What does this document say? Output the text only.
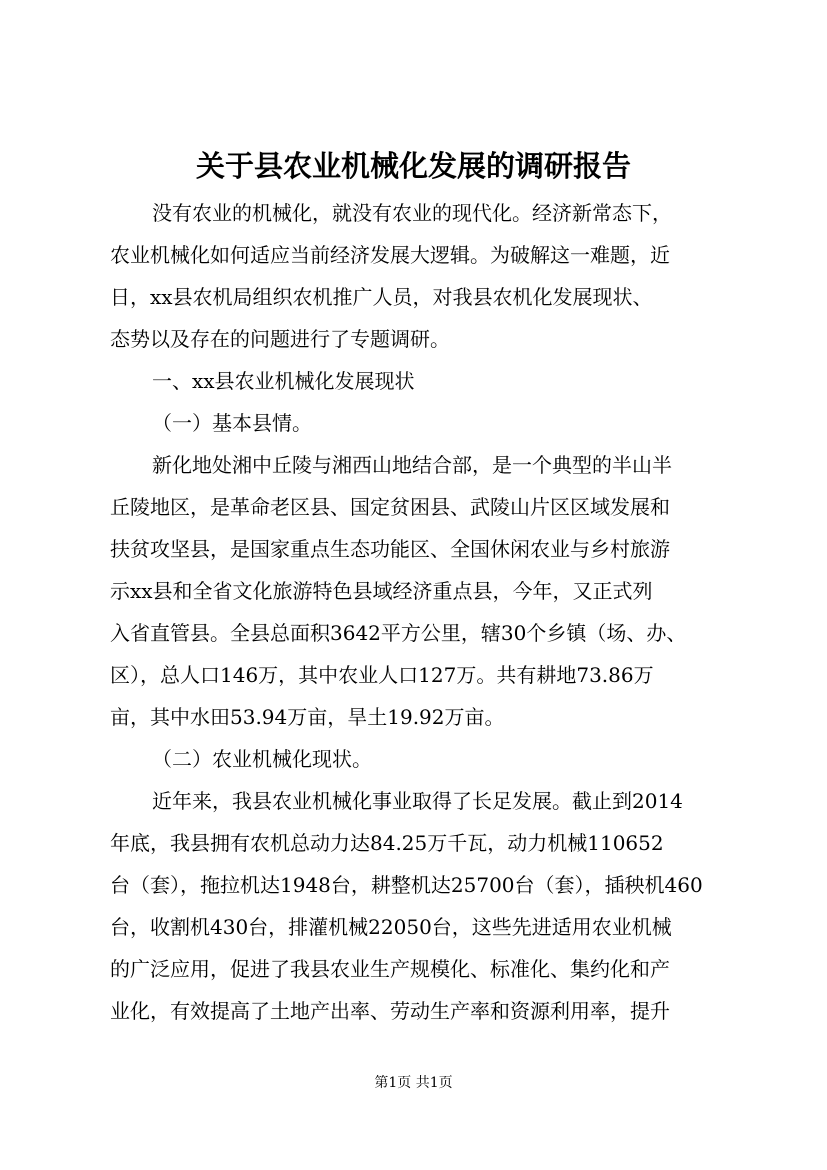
关于县农业机械化发展的调研报告
没有农业的机械化，就没有农业的现代化。经济新常态下，
农业机械化如何适应当前经济发展大逻辑。为破解这一难题，近
日，xx县农机局组织农机推广人员，对我县农机化发展现状、
态势以及存在的问题进行了专题调研。
一、xx县农业机械化发展现状
（一）基本县情。
新化地处湘中丘陵与湘西山地结合部，是一个典型的半山半
丘陵地区，是革命老区县、国定贫困县、武陵山片区区域发展和
扶贫攻坚县，是国家重点生态功能区、全国休闲农业与乡村旅游
示xx县和全省文化旅游特色县域经济重点县，今年，又正式列
入省直管县。全县总面积3642平方公里，辖30个乡镇（场、办、
区），总人口146万，其中农业人口127万。共有耕地73.86万
亩，其中水田53.94万亩，旱土19.92万亩。
（二）农业机械化现状。
近年来，我县农业机械化事业取得了长足发展。截止到2014
年底，我县拥有农机总动力达84.25万千瓦，动力机械110652
台（套），拖拉机达1948台，耕整机达25700台（套），插秧机460
台，收割机430台，排灌机械22050台，这些先进适用农业机械
的广泛应用，促进了我县农业生产规模化、标准化、集约化和产
业化，有效提高了土地产出率、劳动生产率和资源利用率，提升
第1页 共1页
